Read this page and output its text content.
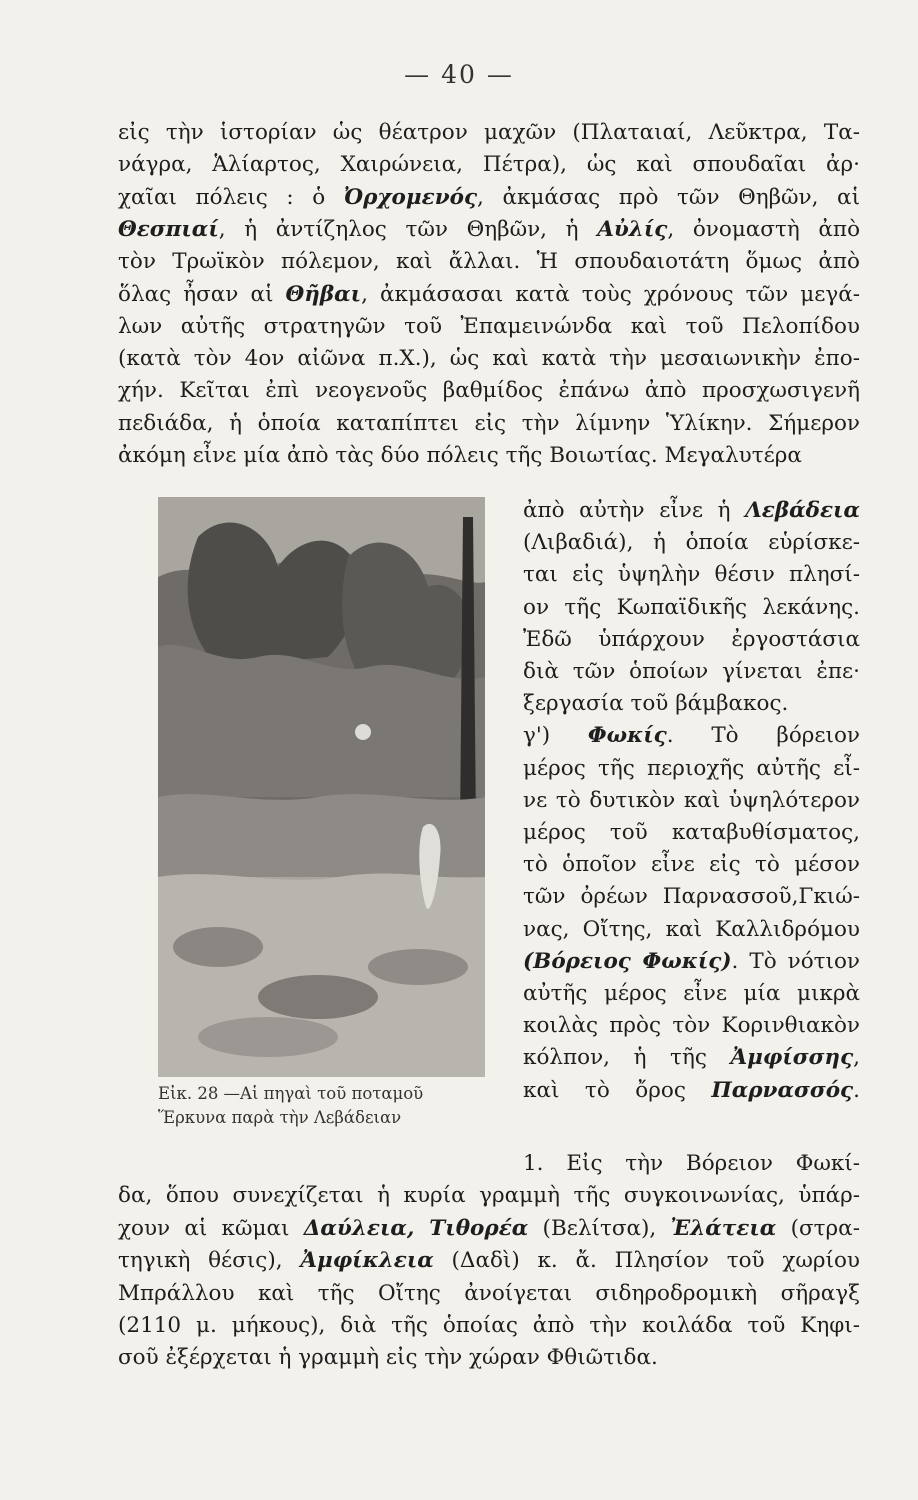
— 40 —
εἰς τὴν ἱστορίαν ὡς θέατρον μαχῶν (Πλαταιαί, Λεῦκτρα, Τα-
νάγρα, Ἁλίαρτος, Χαιρώνεια, Πέτρα), ὡς καὶ σπουδαῖαι ἀρ·
χαῖαι πόλεις : ὁ Ὀρχομενός, ἀκμάσας πρὸ τῶν Θηβῶν, αἱ
Θεσπιαί, ἡ ἀντίζηλος τῶν Θηβῶν, ἡ Αὐλίς, ὀνομαστὴ ἀπὸ
τὸν Τρωϊκὸν πόλεμον, καὶ ἄλλαι. Ἡ σπουδαιοτάτη ὅμως ἀπὸ
ὅλας ἦσαν αἱ Θῆβαι, ἀκμάσασαι κατὰ τοὺς χρόνους τῶν μεγά-
λων αὐτῆς στρατηγῶν τοῦ Ἐπαμεινώνδα καὶ τοῦ Πελοπίδου
(κατὰ τὸν 4ον αἰῶνα π.Χ.), ὡς καὶ κατὰ τὴν μεσαιωνικὴν ἐπο-
χήν. Κεῖται ἐπὶ νεογενοῦς βαθμίδος ἐπάνω ἀπὸ προσχωσιγενῆ
πεδιάδα, ἡ ὁποία καταπίπτει εἰς τὴν λίμνην Ὑλίκην. Σήμερον
ἀκόμη εἶνε μία ἀπὸ τὰς δύο πόλεις τῆς Βοιωτίας. Μεγαλυτέρα
ἀπὸ αὐτὴν εἶνε ἡ Λεβάδεια
(Λιβαδιά), ἡ ὁποία εὑρίσκε-
ται εἰς ὑψηλὴν θέσιν πλησί-
ον τῆς Κωπαϊδικῆς λεκάνης.
Ἐδῶ ὑπάρχουν ἐργοστάσια
διὰ τῶν ὁποίων γίνεται ἐπε·
ξεργασία τοῦ βάμβακος.
γ') Φωκίς. Τὸ βόρειον
μέρος τῆς περιοχῆς αὐτῆς εἶ-
νε τὸ δυτικὸν καὶ ὑψηλότερον
μέρος τοῦ καταβυθίσματος,
τὸ ὁποῖον εἶνε εἰς τὸ μέσον
τῶν ὀρέων Παρνασσοῦ,Γκιώ-
νας, Οἴτης, καὶ Καλλιδρόμου
(Βόρειος Φωκίς). Τὸ νότιον
αὐτῆς μέρος εἶνε μία μικρὰ
κοιλὰς πρὸς τὸν Κορινθιακὸν
κόλπον, ἡ τῆς Ἀμφίσσης,
καὶ τὸ ὄρος Παρνασσός.
Εἰκ. 28 —Αἱ πηγαὶ τοῦ ποταμοῦ
Ἕρκυνα παρὰ τὴν Λεβάδειαν
1. Εἰς τὴν Βόρειον Φωκί-
δα, ὅπου συνεχίζεται ἡ κυρία γραμμὴ τῆς συγκοινωνίας, ὑπάρ-
χουν αἱ κῶμαι Δαύλεια, Τιθορέα (Βελίτσα), Ἐλάτεια (στρα-
τηγικὴ θέσις), Ἀμφίκλεια (Δαδὶ) κ. ἄ. Πλησίον τοῦ χωρίου
Μπράλλου καὶ τῆς Οἴτης ἀνοίγεται σιδηροδρομικὴ σῆραγξ
(2110 μ. μήκους), διὰ τῆς ὁποίας ἀπὸ τὴν κοιλάδα τοῦ Κηφι-
σοῦ ἐξέρχεται ἡ γραμμὴ εἰς τὴν χώραν Φθιῶτιδα.
